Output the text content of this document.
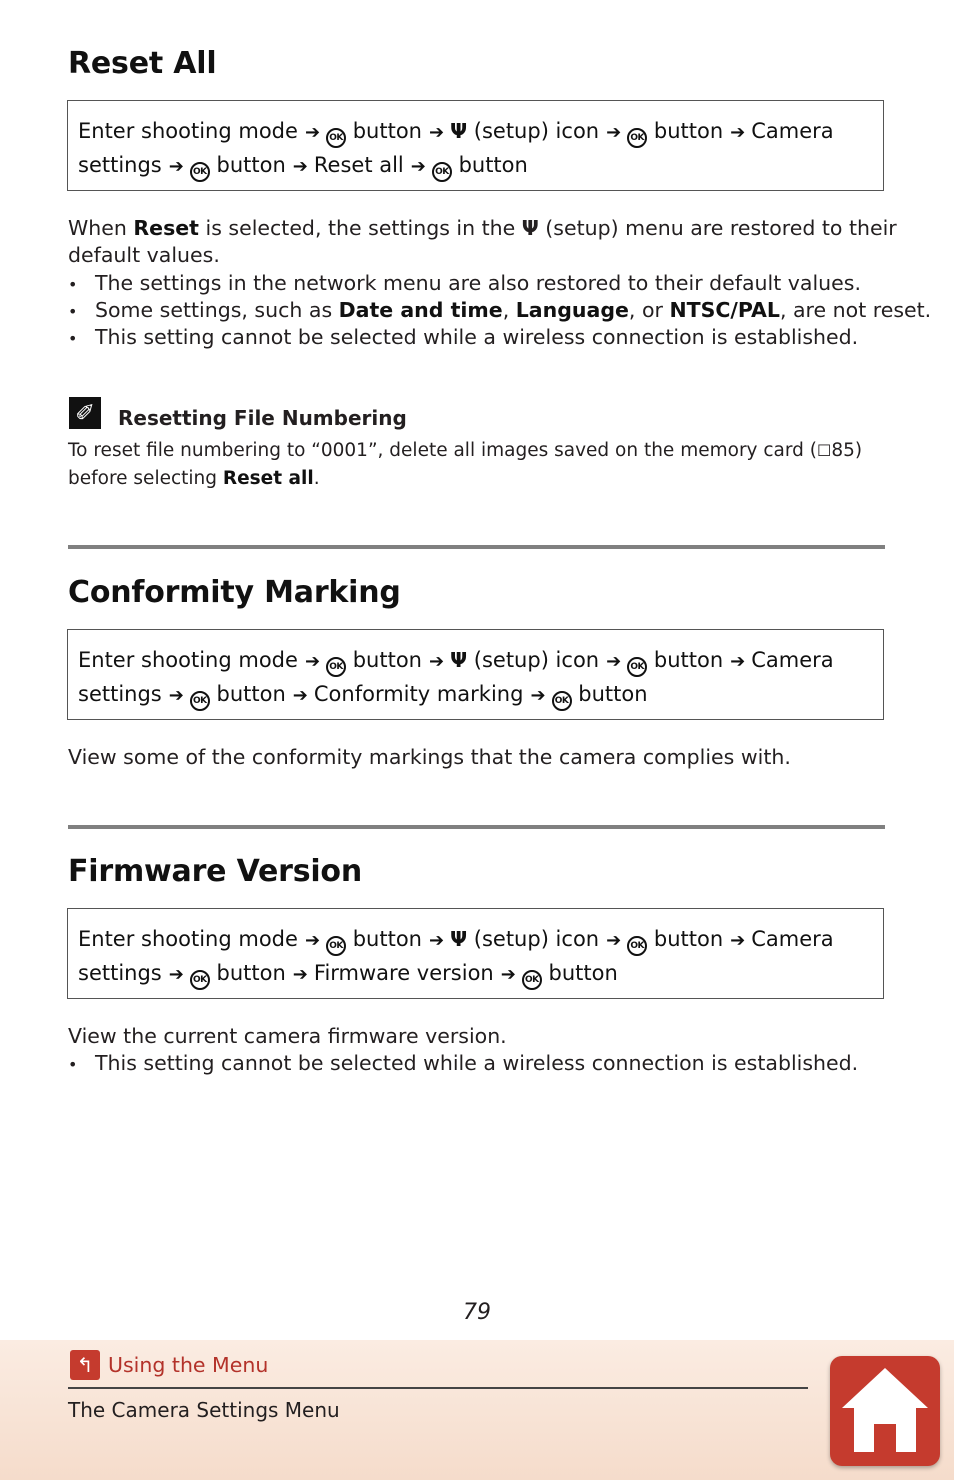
Reset All
Enter shooting mode ➔ OK button ➔ Ψ (setup) icon ➔ OK button ➔ Camera
settings ➔ OK button ➔ Reset all ➔ OK button
When Reset is selected, the settings in the Ψ (setup) menu are restored to their
default values.
• The settings in the network menu are also restored to their default values.
• Some settings, such as Date and time, Language, or NTSC/PAL, are not reset.
• This setting cannot be selected while a wireless connection is established.
✐ Resetting File Numbering
To reset file numbering to “0001”, delete all images saved on the memory card (☐85)
before selecting Reset all.
Conformity Marking
Enter shooting mode ➔ OK button ➔ Ψ (setup) icon ➔ OK button ➔ Camera
settings ➔ OK button ➔ Conformity marking ➔ OK button
View some of the conformity markings that the camera complies with.
Firmware Version
Enter shooting mode ➔ OK button ➔ Ψ (setup) icon ➔ OK button ➔ Camera
settings ➔ OK button ➔ Firmware version ➔ OK button
View the current camera firmware version.
• This setting cannot be selected while a wireless connection is established.
79
↰ Using the Menu
The Camera Settings Menu
